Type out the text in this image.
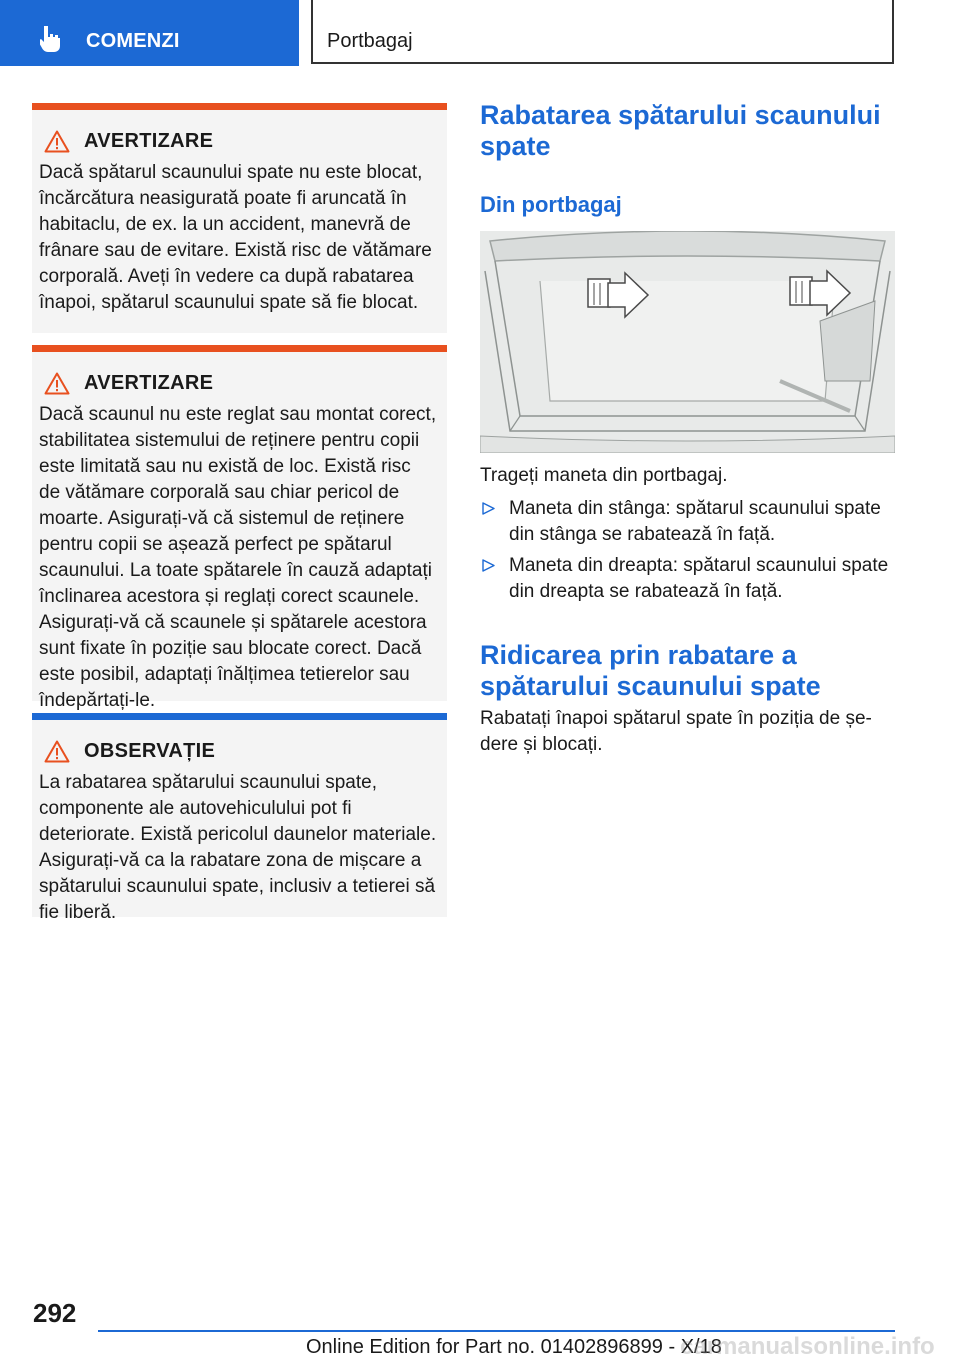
COMENZI	Portbagaj
AVERTIZARE
Dacă spătarul scaunului spate nu este blocat, încărcătura neasigurată poate fi aruncată în habitaclu, de ex. la un accident, manevră de frânare sau de evitare. Există risc de vătămare corporală. Aveți în vedere ca după rabatarea înapoi, spătarul scaunului spate să fie blocat.
AVERTIZARE
Dacă scaunul nu este reglat sau montat corect, stabilitatea sistemului de reținere pentru copii este limitată sau nu există de loc. Există risc de vătămare corporală sau chiar pericol de moarte. Asigurați-vă că sistemul de reținere pentru copii se așează perfect pe spătarul scaunului. La toate spătarele în cauză adaptați înclinarea acestora și reglați corect scaunele. Asigurați-vă că scaunele și spătarele acestora sunt fixate în poziție sau blocate corect. Dacă este posibil, adaptați înălțimea tetierelor sau îndepărtați-le.
OBSERVAȚIE
La rabatarea spătarului scaunului spate, componente ale autovehiculului pot fi deteriorate. Există pericolul daunelor materiale. Asigurați-vă ca la rabatare zona de mișcare a spătarului scaunului spate, inclusiv a tetierei să fie liberă.
Rabatarea spătarului scaunului spate
Din portbagaj
Trageți maneta din portbagaj.
Maneta din stânga: spătarul scaunului spate din stânga se rabatează în față.
Maneta din dreapta: spătarul scaunului spate din dreapta se rabatează în față.
Ridicarea prin rabatare a spătarului scaunului spate
Rabatați înapoi spătarul spate în poziția de ședere și blocați.
292
Online Edition for Part no. 01402896899 - X/18
carmanualsonline.info
